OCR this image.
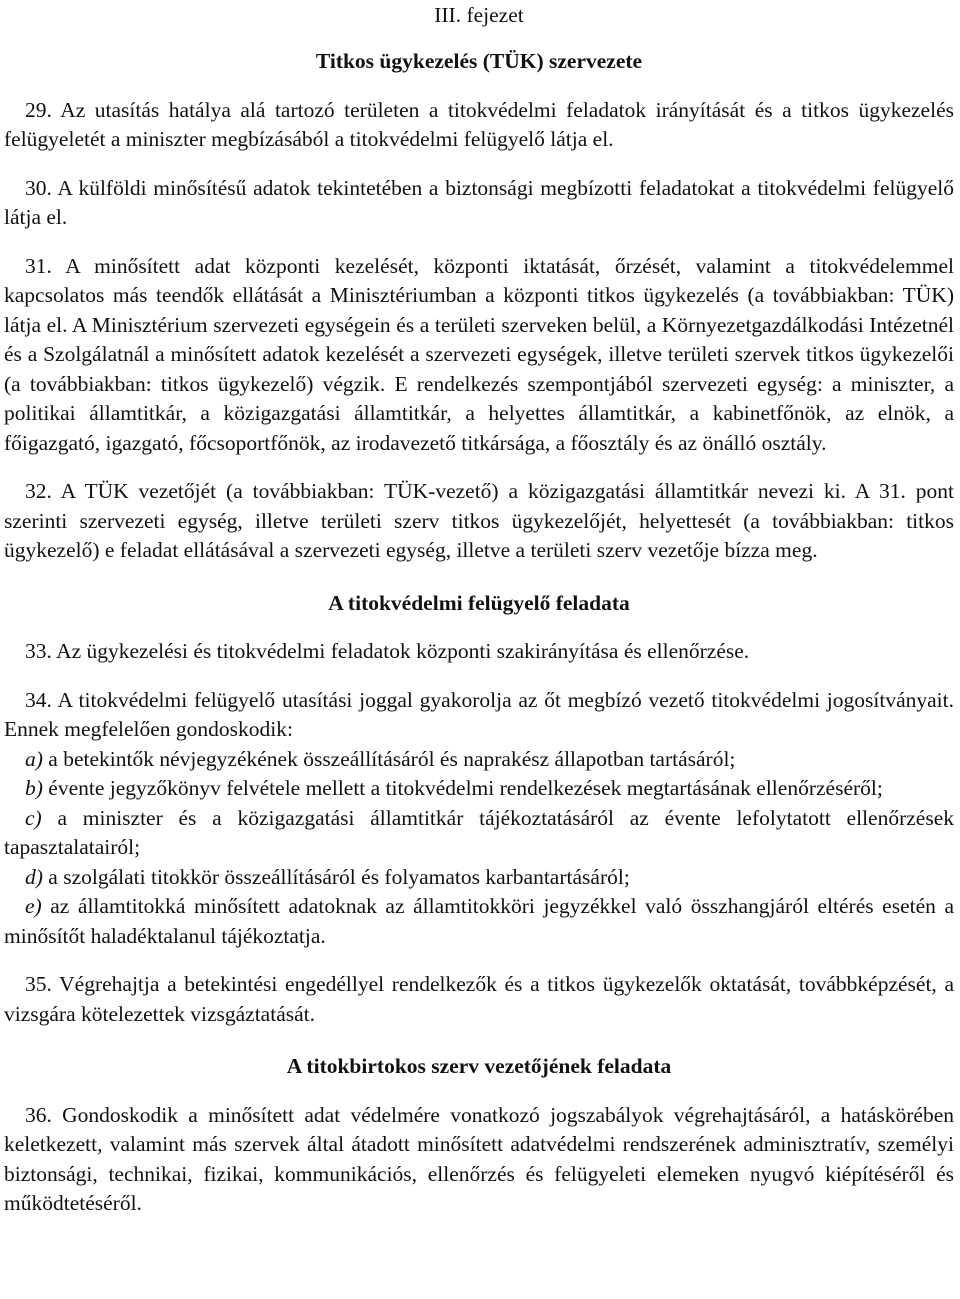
III. fejezet
Titkos ügykezelés (TÜK) szervezete

29. Az utasítás hatálya alá tartozó területen a titokvédelmi feladatok irányítását és a titkos ügykezelés felügyeletét a miniszter megbízásából a titokvédelmi felügyelő látja el.

30. A külföldi minősítésű adatok tekintetében a biztonsági megbízotti feladatokat a titokvédelmi felügyelő látja el.

31. A minősített adat központi kezelését, központi iktatását, őrzését, valamint a titokvédelemmel kapcsolatos más teendők ellátását a Minisztériumban a központi titkos ügykezelés (a továbbiakban: TÜK) látja el. A Minisztérium szervezeti egységein és a területi szerveken belül, a Környezetgazdálkodási Intézetnél és a Szolgálatnál a minősített adatok kezelését a szervezeti egységek, illetve területi szervek titkos ügykezelői (a továbbiakban: titkos ügykezelő) végzik. E rendelkezés szempontjából szervezeti egység: a miniszter, a politikai államtitkár, a közigazgatási államtitkár, a helyettes államtitkár, a kabinetfőnök, az elnök, a főigazgató, igazgató, főcsoportfőnök, az irodavezető titkársága, a főosztály és az önálló osztály.

32. A TÜK vezetőjét (a továbbiakban: TÜK-vezető) a közigazgatási államtitkár nevezi ki. A 31. pont szerinti szervezeti egység, illetve területi szerv titkos ügykezelőjét, helyettesét (a továbbiakban: titkos ügykezelő) e feladat ellátásával a szervezeti egység, illetve a területi szerv vezetője bízza meg.

A titokvédelmi felügyelő feladata

33. Az ügykezelési és titokvédelmi feladatok központi szakirányítása és ellenőrzése.

34. A titokvédelmi felügyelő utasítási joggal gyakorolja az őt megbízó vezető titokvédelmi jogosítványait. Ennek megfelelően gondoskodik:

a) a betekintők névjegyzékének összeállításáról és naprakész állapotban tartásáról;

b) évente jegyzőkönyv felvétele mellett a titokvédelmi rendelkezések megtartásának ellenőrzéséről;

c) a miniszter és a közigazgatási államtitkár tájékoztatásáról az évente lefolytatott ellenőrzések tapasztalatairól;

d) a szolgálati titokkör összeállításáról és folyamatos karbantartásáról;

e) az államtitokká minősített adatoknak az államtitokköri jegyzékkel való összhangjáról eltérés esetén a minősítőt haladéktalanul tájékoztatja.

35. Végrehajtja a betekintési engedéllyel rendelkezők és a titkos ügykezelők oktatását, továbbképzését, a vizsgára kötelezettek vizsgáztatását.

A titokbirtokos szerv vezetőjének feladata

36. Gondoskodik a minősített adat védelmére vonatkozó jogszabályok végrehajtásáról, a hatáskörében keletkezett, valamint más szervek által átadott minősített adatvédelmi rendszerének adminisztratív, személyi biztonsági, technikai, fizikai, kommunikációs, ellenőrzés és felügyeleti elemeken nyugvó kiépítéséről és működtetéséről.
